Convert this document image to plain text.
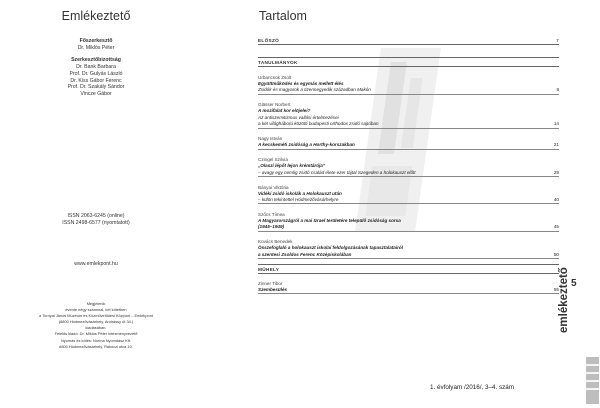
Emlékeztető
Főszerkesztő
Dr. Miklós Péter
Szerkesztőbizottság
Dr. Bank Barbara
Prof. Dr. Gulyás László
Dr. Kiss Gábor Ferenc
Prof. Dr. Szakály Sándor
Vincze Gábor
ISSN 2063-6245 (online)
ISSN 2498-6577 (nyomtatott)
www.emlekpont.hu
Megjelenik
évente négy számmal, két kötetben
a Tornyai János Múzeum és Közművelődési Központ – Emlékpont
(6800 Hódmezővásárhely, Andrássy út 34.)
kiadásában.
Felelős kiadó: Dr. Miklós Péter intézményvezető
Nyomás és kötés: Norma Nyomdász Kft.
6800 Hódmezővásárhely, Rákóczi utca 10.
Tartalom
ELŐSZÓ	7
TANULMÁNYOK
Urbancsok Zsolt
Együttműködés és egymás mellett élés
Zsidók és magyarok a tizennegyedik században Makón	8
Glässer Norbert
A mozifalat kor elöjelei?
Az antiszemitizmus vallási értelmezései
a két világháború közötti budapesti orthodox zsidó sajtóban	14
Nagy István
A kecskeméti zsidóság a Horthy-korszakban	21
Czingel Szilvia
„Olaszi lépőt lejon krémtárója”
– avagy egy nemlig zsidó család élete ezer tájtal Szegeden a holokauszt előtt	29
Bányai Viktória
Vidéki zsidó iskolák a Holokauszt után
– külön tekintettel Hódmezővásárhelyre	40
Szőcs Tímea
A Magyarországról a mai Izrael területére települő zsidóság sorsa
(1945–1949)	45
Kovács Benedek
Összefoglaló a holokauszt iskolai feldolgozásának tapasztalatairól
a szentesi Zsoldos Ferenc Középiskolában	50
MŰHELY
Zinner Tibor
Szembesülés	55
5
emlékeztető
1. évfolyam /2016/, 3–4. szám
